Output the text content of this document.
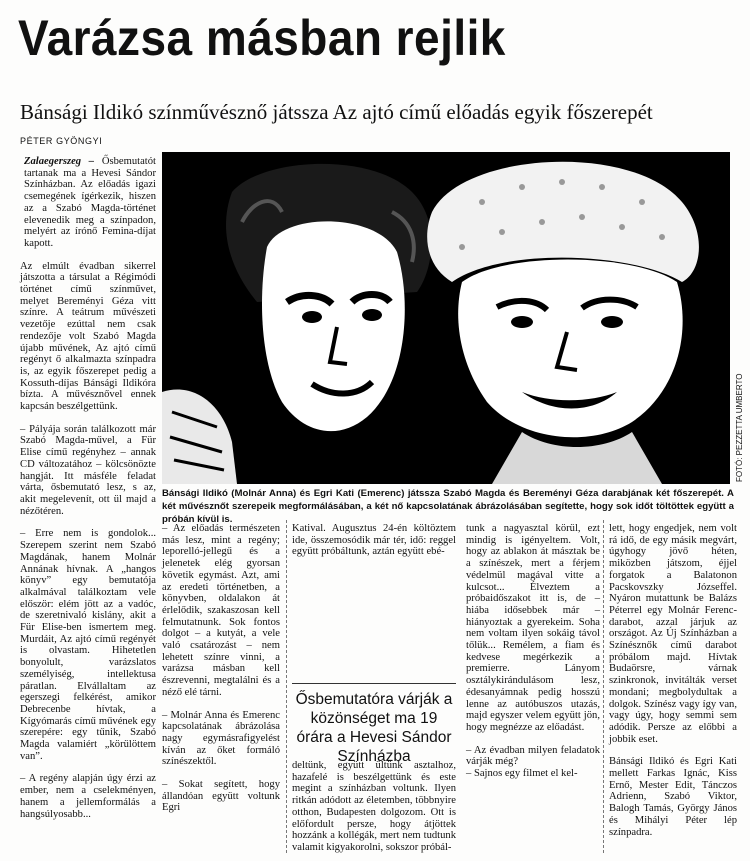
Varázsa másban rejlik
Bánsági Ildikó színművésznő játssza Az ajtó című előadás egyik főszerepét
PÉTER GYÖNGYI

Zalaegerszeg – Ősbemutatót tartanak ma a Hevesi Sándor Színházban. Az előadás igazi csemegének ígérkezik, hiszen az a Szabó Magda-történet elevenedik meg a színpadon, melyért az írónő Femina-díjat kapott.

Az elmúlt évadban sikerrel játszotta a társulat a Régimódi történet című színművet, melyet Bereményi Géza vitt színre. A teátrum művészeti vezetője ezúttal nem csak rendezője volt Szabó Magda újabb művének, Az ajtó című regényt ő alkalmazta színpadra is, az egyik főszerepet pedig a Kossuth-díjas Bánsági Ildikóra bízta. A művésznővel ennek kapcsán beszélgettünk.

– Pályája során találkozott már Szabó Magda-művel, a Für Elise című regényhez – annak CD változatához – kölcsönözte hangját. Itt másféle feladat várta, ősbemutató lesz, s az, akit megelevenít, ott ül majd a nézőtéren.

– Erre nem is gondolok... Szerepem szerint nem Szabó Magdának, hanem Molnár Annának hívnak. A „hangos könyv” egy bemutatója alkalmával találkoztam vele először: elém jött az a vadóc, de szeretnivaló kislány, akit a Für Elise-ben ismertem meg. Murdáit, Az ajtó című regényét is olvastam. Hihetetlen bonyolult, varázslatos személyiség, intellektusa páratlan. Elvállaltam az egerszegi felkérést, amikor Debrecenbe hívtak, a Kígyómarás című művének egy szerepére: egy tűnik, Szabó Magda valamiért „körülöttem van”.

– A regény alapján úgy érzi az ember, nem a cselekményen, hanem a jellemformálás a hangsúlyosabb...

FOTÓ: PEZZETTA UMBERTO
Bánsági Ildikó (Molnár Anna) és Egri Kati (Emerenc) játssza Szabó Magda és Bereményi Géza darabjának két főszerepét. A két művésznőt szerepeik megformálásában, a két nő kapcsolatának ábrázolásában segítette, hogy sok időt töltöttek együtt a próbán kívül is.

– Az előadás természeten más lesz, mint a regény; leporelló-jellegű és a jelenetek elég gyorsan követik egymást. Azt, ami az eredeti történetben, a könyvben, oldalakon át érlelődik, szakaszosan kell felmutatnunk. Sok fontos dolgot – a kutyát, a vele való csatározást – nem lehetett színre vinni, a varázsa másban kell észrevenni, megtalálni és a néző elé tárni.

– Molnár Anna és Emerenc kapcsolatának ábrázolása nagy egymásrafigyelést kíván az őket formáló színészektől.

– Sokat segített, hogy állandóan együtt voltunk Egri

Katival. Augusztus 24-én költöztem ide, összemosódik már tér, idő: reggel együtt próbáltunk, aztán együtt ebé-

Ősbemutatóra várják a közönséget ma 19 órára a Hevesi Sándor Színházba

deltünk, együtt ültünk asztalhoz, hazafelé is beszélgettünk és este megint a színházban voltunk. Ilyen ritkán adódott az életemben, többnyire otthon, Budapesten dolgozom. Ott is előfordult persze, hogy átjöttek hozzánk a kollégák, mert nem tudtunk valamit kigyakorolni, sokszor próbál-

tunk a nagyasztal körül, ezt mindig is igényeltem. Volt, hogy az ablakon át másztak be a színészek, mert a férjem védelmül magával vitte a kulcsot... Élveztem a próbaidőszakot itt is, de – hiába idősebbek már – hiányoztak a gyerekeim. Soha nem voltam ilyen sokáig távol tőlük... Remélem, a fiam és kedvese megérkezik a premierre. Lányom osztálykirándulásom lesz, édesanyámnak pedig hosszú lenne az autóbuszos utazás, majd egyszer velem együtt jön, hogy megnézze az előadást.

– Az évadban milyen feladatok várják még?

– Sajnos egy filmet el kel-

lett, hogy engedjek, nem volt rá idő, de egy másik megvárt, úgyhogy jövő héten, miközben játszom, éjjel forgatok a Balatonon Pacskovszky Józseffel. Nyáron mutattunk be Balázs Péterrel egy Molnár Ferenc-darabot, azzal járjuk az országot. Az Új Színházban a Színésznők című darabot próbálom majd. Hívtak Budaörsre, várnak szinkronok, invitálták verset mondani; megbolydultak a dolgok. Színész vagy így van, vagy úgy, hogy semmi sem adódik. Persze az előbbi a jobbik eset.

Bánsági Ildikó és Egri Kati mellett Farkas Ignác, Kiss Ernő, Mester Edit, Tánczos Adrienn, Szabó Viktor, Balogh Tamás, György János és Mihályi Péter lép színpadra.
